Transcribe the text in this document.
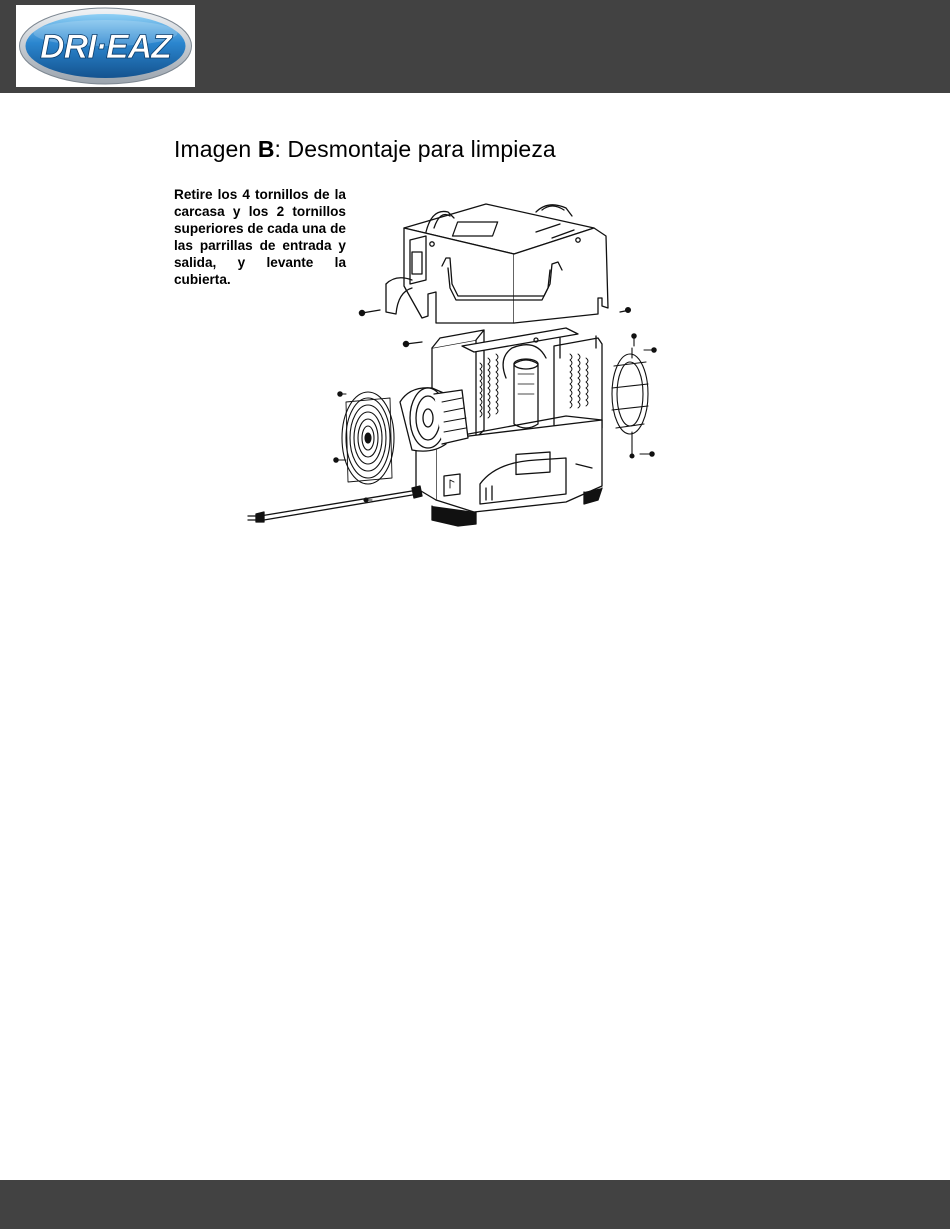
DRI·EAZ
Imagen B: Desmontaje para limpieza

Retire los 4 tornillos de la carcasa y los 2 tornillos superiores de cada una de las parrillas de entrada y salida, y levante la cubierta.
